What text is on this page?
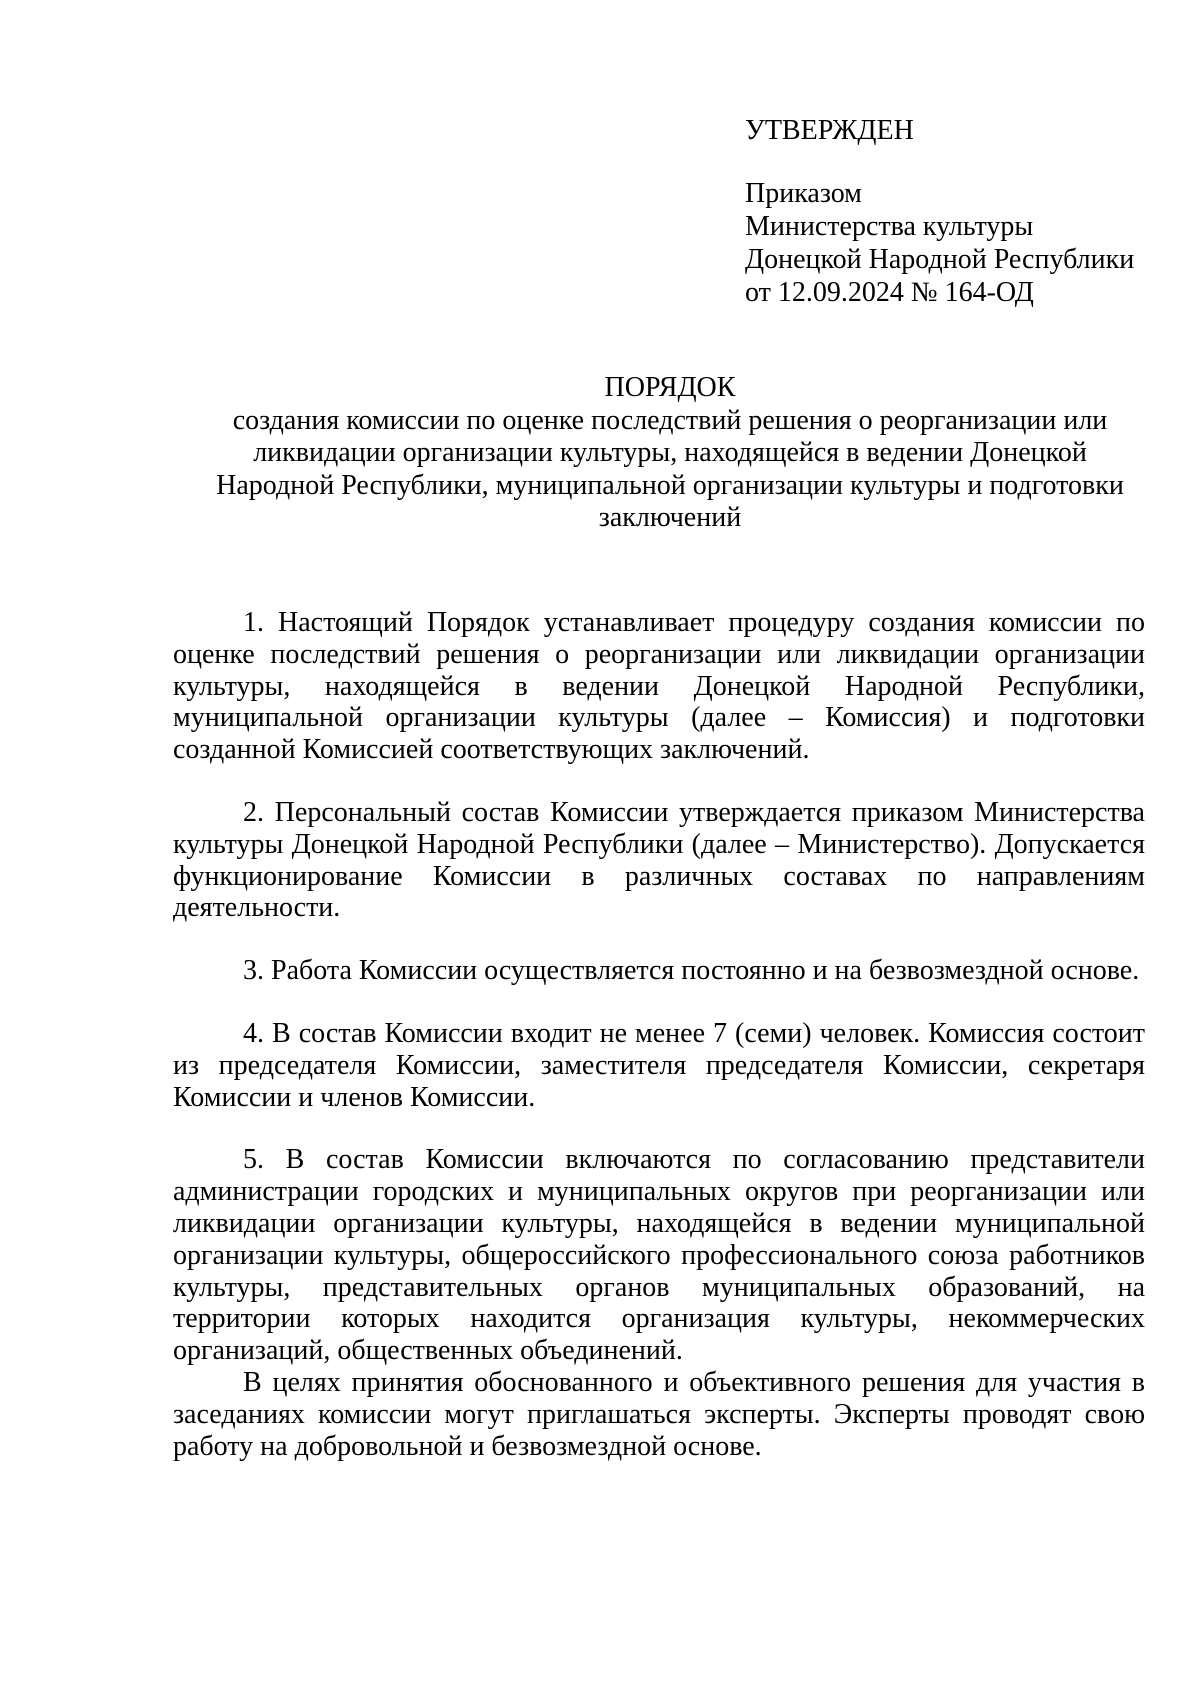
УТВЕРЖДЕН
Приказом
Министерства культуры
Донецкой Народной Республики
от 12.09.2024 № 164-ОД
ПОРЯДОК
создания комиссии по оценке последствий решения о реорганизации или
ликвидации организации культуры, находящейся в ведении Донецкой
Народной Республики, муниципальной организации культуры и подготовки
заключений

1. Настоящий Порядок устанавливает процедуру создания комиссии по оценке последствий решения о реорганизации или ликвидации организации культуры, находящейся в ведении Донецкой Народной Республики, муниципальной организации культуры (далее – Комиссия) и подготовки созданной Комиссией соответствующих заключений.

2. Персональный состав Комиссии утверждается приказом Министерства культуры Донецкой Народной Республики (далее – Министерство). Допускается функционирование Комиссии в различных составах по направлениям деятельности.

3. Работа Комиссии осуществляется постоянно и на безвозмездной основе.

4. В состав Комиссии входит не менее 7 (семи) человек. Комиссия состоит из председателя Комиссии, заместителя председателя Комиссии, секретаря Комиссии и членов Комиссии.

5. В состав Комиссии включаются по согласованию представители администрации городских и муниципальных округов при реорганизации или ликвидации организации культуры, находящейся в ведении муниципальной организации культуры, общероссийского профессионального союза работников культуры, представительных органов муниципальных образований, на территории которых находится организация культуры, некоммерческих организаций, общественных объединений.

В целях принятия обоснованного и объективного решения для участия в заседаниях комиссии могут приглашаться эксперты. Эксперты проводят свою работу на добровольной и безвозмездной основе.
